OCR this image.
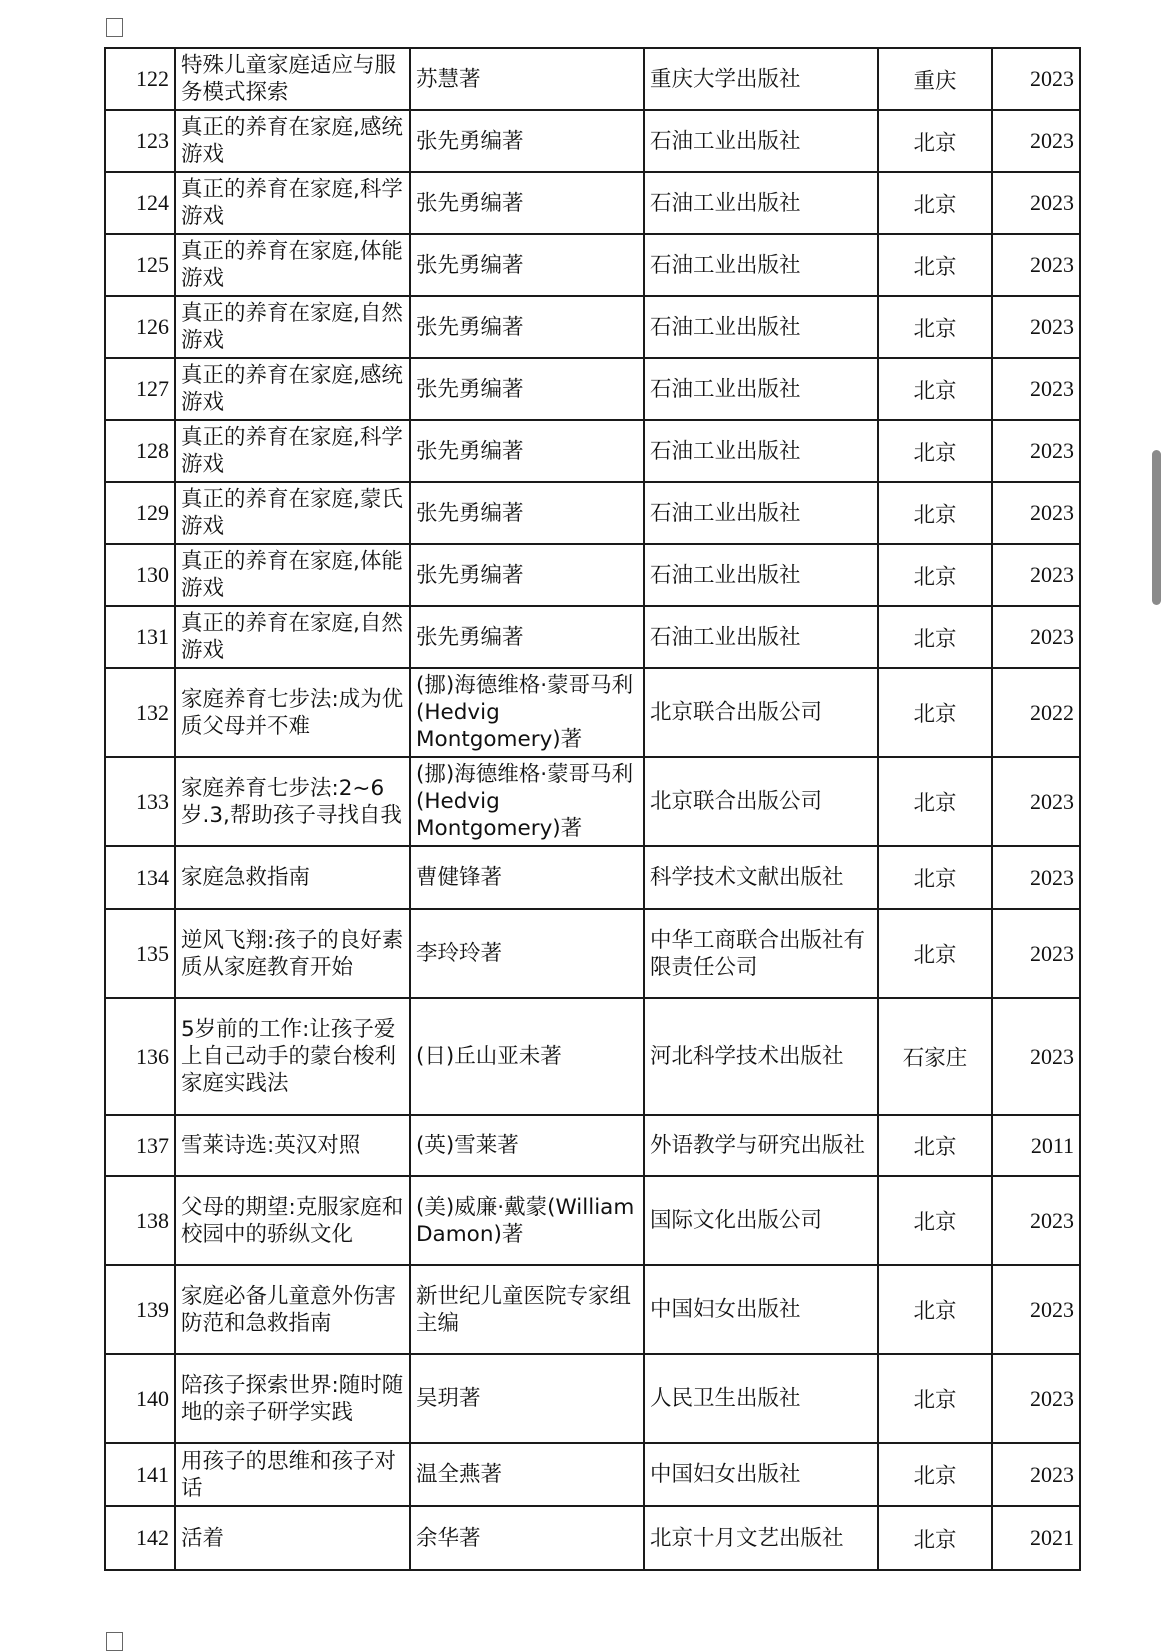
122	特殊儿童家庭适应与服务模式探索	苏慧著	重庆大学出版社	重庆	2023
123	真正的养育在家庭,感统游戏	张先勇编著	石油工业出版社	北京	2023
124	真正的养育在家庭,科学游戏	张先勇编著	石油工业出版社	北京	2023
125	真正的养育在家庭,体能游戏	张先勇编著	石油工业出版社	北京	2023
126	真正的养育在家庭,自然游戏	张先勇编著	石油工业出版社	北京	2023
127	真正的养育在家庭,感统游戏	张先勇编著	石油工业出版社	北京	2023
128	真正的养育在家庭,科学游戏	张先勇编著	石油工业出版社	北京	2023
129	真正的养育在家庭,蒙氏游戏	张先勇编著	石油工业出版社	北京	2023
130	真正的养育在家庭,体能游戏	张先勇编著	石油工业出版社	北京	2023
131	真正的养育在家庭,自然游戏	张先勇编著	石油工业出版社	北京	2023
132	家庭养育七步法:成为优质父母并不难	(挪)海德维格·蒙哥马利(Hedvig Montgomery)著	北京联合出版公司	北京	2022
133	家庭养育七步法:2~6岁.3,帮助孩子寻找自我	(挪)海德维格·蒙哥马利(Hedvig Montgomery)著	北京联合出版公司	北京	2023
134	家庭急救指南	曹健锋著	科学技术文献出版社	北京	2023
135	逆风飞翔:孩子的良好素质从家庭教育开始	李玲玲著	中华工商联合出版社有限责任公司	北京	2023
136	5岁前的工作:让孩子爱上自己动手的蒙台梭利家庭实践法	(日)丘山亚未著	河北科学技术出版社	石家庄	2023
137	雪莱诗选:英汉对照	(英)雪莱著	外语教学与研究出版社	北京	2011
138	父母的期望:克服家庭和校园中的骄纵文化	(美)威廉·戴蒙(William Damon)著	国际文化出版公司	北京	2023
139	家庭必备儿童意外伤害防范和急救指南	新世纪儿童医院专家组主编	中国妇女出版社	北京	2023
140	陪孩子探索世界:随时随地的亲子研学实践	吴玥著	人民卫生出版社	北京	2023
141	用孩子的思维和孩子对话	温全燕著	中国妇女出版社	北京	2023
142	活着	余华著	北京十月文艺出版社	北京	2021
